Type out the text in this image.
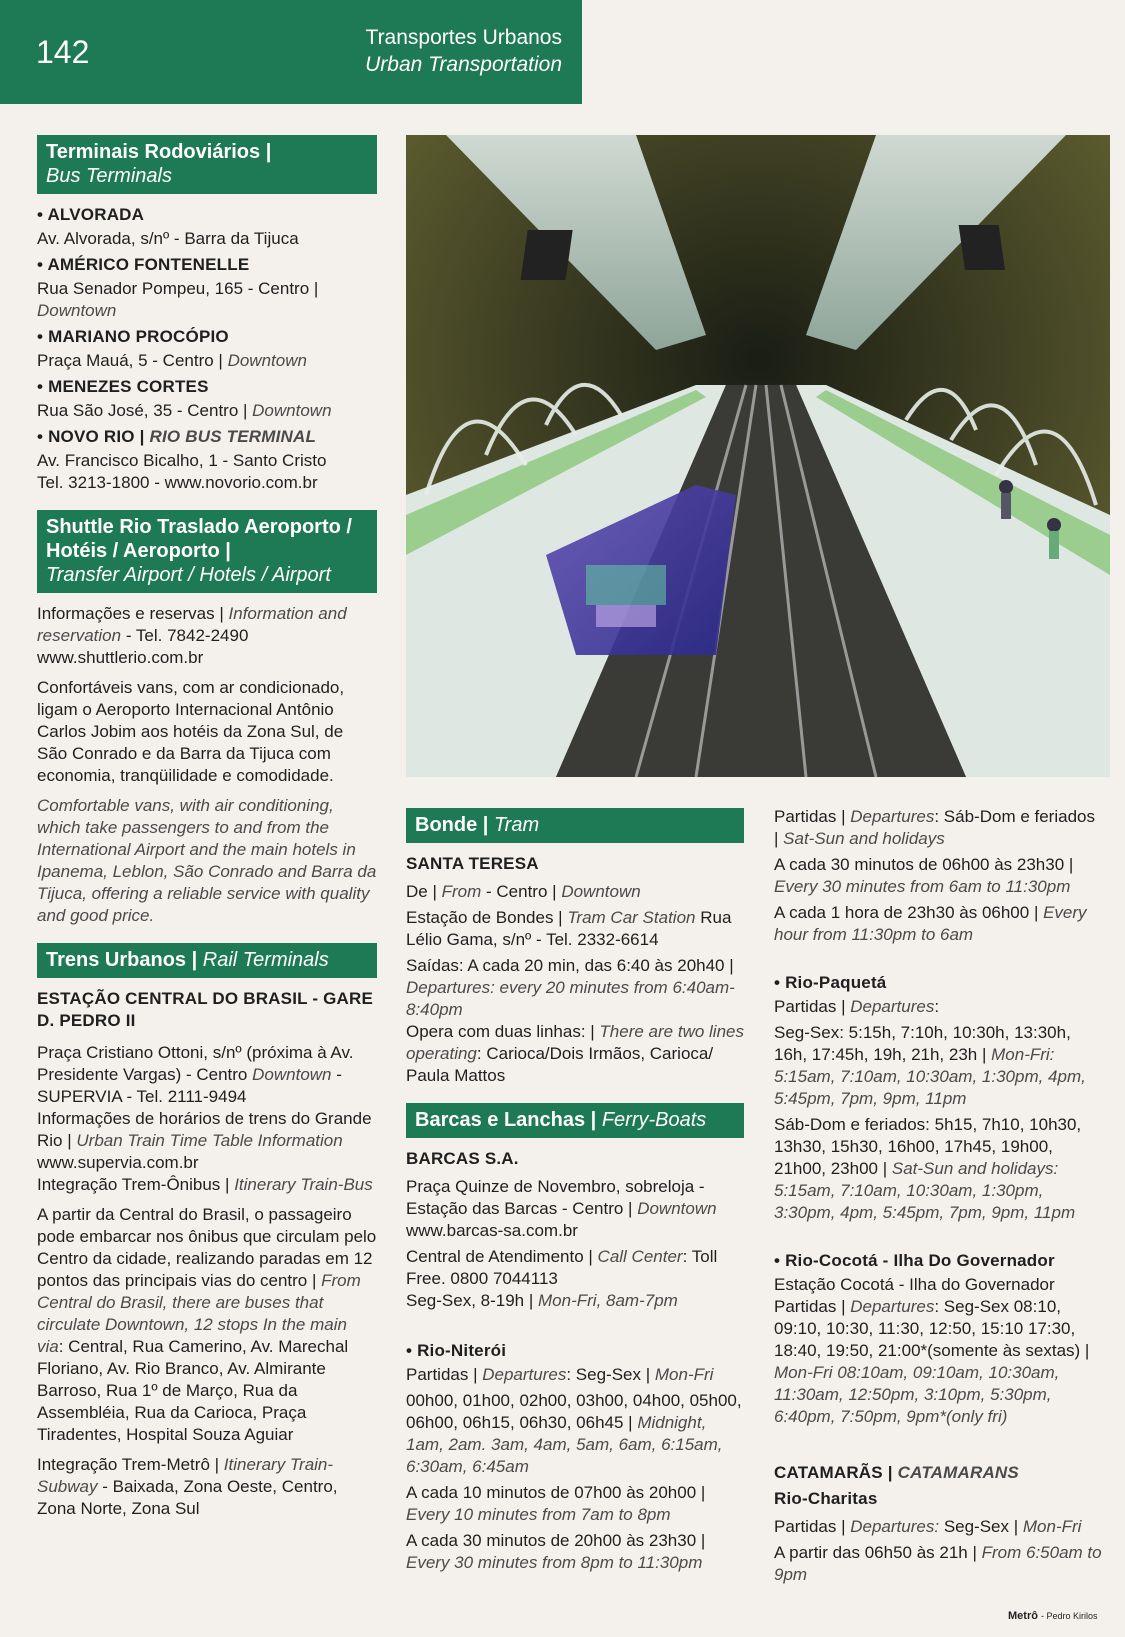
142	Transportes Urbanos
Urban Transportation
Terminais Rodoviários |
Bus Terminals
• ALVORADA

Av. Alvorada, s/nº - Barra da Tijuca

• AMÉRICO FONTENELLE

Rua Senador Pompeu, 165 - Centro | Downtown

• MARIANO PROCÓPIO

Praça Mauá, 5 - Centro | Downtown

• MENEZES CORTES

Rua São José, 35 - Centro | Downtown

• NOVO RIO | RIO BUS TERMINAL

Av. Francisco Bicalho, 1 - Santo Cristo

Tel. 3213-1800 - www.novorio.com.br

Shuttle Rio Traslado Aeroporto / Hotéis / Aeroporto |
Transfer Airport / Hotels / Airport

Informações e reservas | Information and reservation - Tel. 7842-2490

www.shuttlerio.com.br

Confortáveis vans, com ar condicionado, ligam o Aeroporto Internacional Antônio Carlos Jobim aos hotéis da Zona Sul, de São Conrado e da Barra da Tijuca com economia, tranqüilidade e comodidade.

Comfortable vans, with air conditioning, which take passengers to and from the International Airport and the main hotels in Ipanema, Leblon, São Conrado and Barra da Tijuca, offering a reliable service with quality and good price.

Trens Urbanos | Rail Terminals
ESTAÇÃO CENTRAL DO BRASIL - GARE D. PEDRO II

Praça Cristiano Ottoni, s/nº (próxima à Av. Presidente Vargas) - Centro Downtown - SUPERVIA - Tel. 2111-9494

Informações de horários de trens do Grande Rio | Urban Train Time Table Information

www.supervia.com.br

Integração Trem-Ônibus | Itinerary Train-Bus

A partir da Central do Brasil, o passageiro pode embarcar nos ônibus que circulam pelo Centro da cidade, realizando paradas em 12 pontos das principais vias do centro | From Central do Brasil, there are buses that circulate Downtown, 12 stops In the main via: Central, Rua Camerino, Av. Marechal Floriano, Av. Rio Branco, Av. Almirante Barroso, Rua 1º de Março, Rua da Assembléia, Rua da Carioca, Praça Tiradentes, Hospital Souza Aguiar

Integração Trem-Metrô | Itinerary Train-Subway - Baixada, Zona Oeste, Centro, Zona Norte, Zona Sul

Bonde | Tram
SANTA TERESA

De | From - Centro | Downtown

Estação de Bondes | Tram Car Station Rua Lélio Gama, s/nº - Tel. 2332-6614

Saídas: A cada 20 min, das 6:40 às 20h40 | Departures: every 20 minutes from 6:40am-8:40pm

Opera com duas linhas: | There are two lines operating: Carioca/Dois Irmãos, Carioca/ Paula Mattos

Barcas e Lanchas | Ferry-Boats
BARCAS S.A.

Praça Quinze de Novembro, sobreloja - Estação das Barcas - Centro | Downtown

www.barcas-sa.com.br

Central de Atendimento | Call Center: Toll Free. 0800 7044113

Seg-Sex, 8-19h | Mon-Fri, 8am-7pm

• Rio-Niterói

Partidas | Departures: Seg-Sex | Mon-Fri

00h00, 01h00, 02h00, 03h00, 04h00, 05h00, 06h00, 06h15, 06h30, 06h45 | Midnight, 1am, 2am. 3am, 4am, 5am, 6am, 6:15am, 6:30am, 6:45am

A cada 10 minutos de 07h00 às 20h00 | Every 10 minutes from 7am to 8pm

A cada 30 minutos de 20h00 às 23h30 | Every 30 minutes from 8pm to 11:30pm

Partidas | Departures: Sáb-Dom e feriados | Sat-Sun and holidays

A cada 30 minutos de 06h00 às 23h30 | Every 30 minutes from 6am to 11:30pm

A cada 1 hora de 23h30 às 06h00 | Every hour from 11:30pm to 6am

• Rio-Paquetá

Partidas | Departures:

Seg-Sex: 5:15h, 7:10h, 10:30h, 13:30h, 16h, 17:45h, 19h, 21h, 23h | Mon-Fri: 5:15am, 7:10am, 10:30am, 1:30pm, 4pm, 5:45pm, 7pm, 9pm, 11pm

Sáb-Dom e feriados: 5h15, 7h10, 10h30, 13h30, 15h30, 16h00, 17h45, 19h00, 21h00, 23h00 | Sat-Sun and holidays: 5:15am, 7:10am, 10:30am, 1:30pm, 3:30pm, 4pm, 5:45pm, 7pm, 9pm, 11pm

• Rio-Cocotá - Ilha Do Governador

Estação Cocotá - Ilha do Governador

Partidas | Departures: Seg-Sex 08:10, 09:10, 10:30, 11:30, 12:50, 15:10 17:30, 18:40, 19:50, 21:00*(somente às sextas) | Mon-Fri 08:10am, 09:10am, 10:30am, 11:30am, 12:50pm, 3:10pm, 5:30pm, 6:40pm, 7:50pm, 9pm*(only fri)

CATAMARÃS | CATAMARANS
Rio-Charitas

Partidas | Departures: Seg-Sex | Mon-Fri

A partir das 06h50 às 21h | From 6:50am to 9pm

Metrô - Pedro Kirilos
